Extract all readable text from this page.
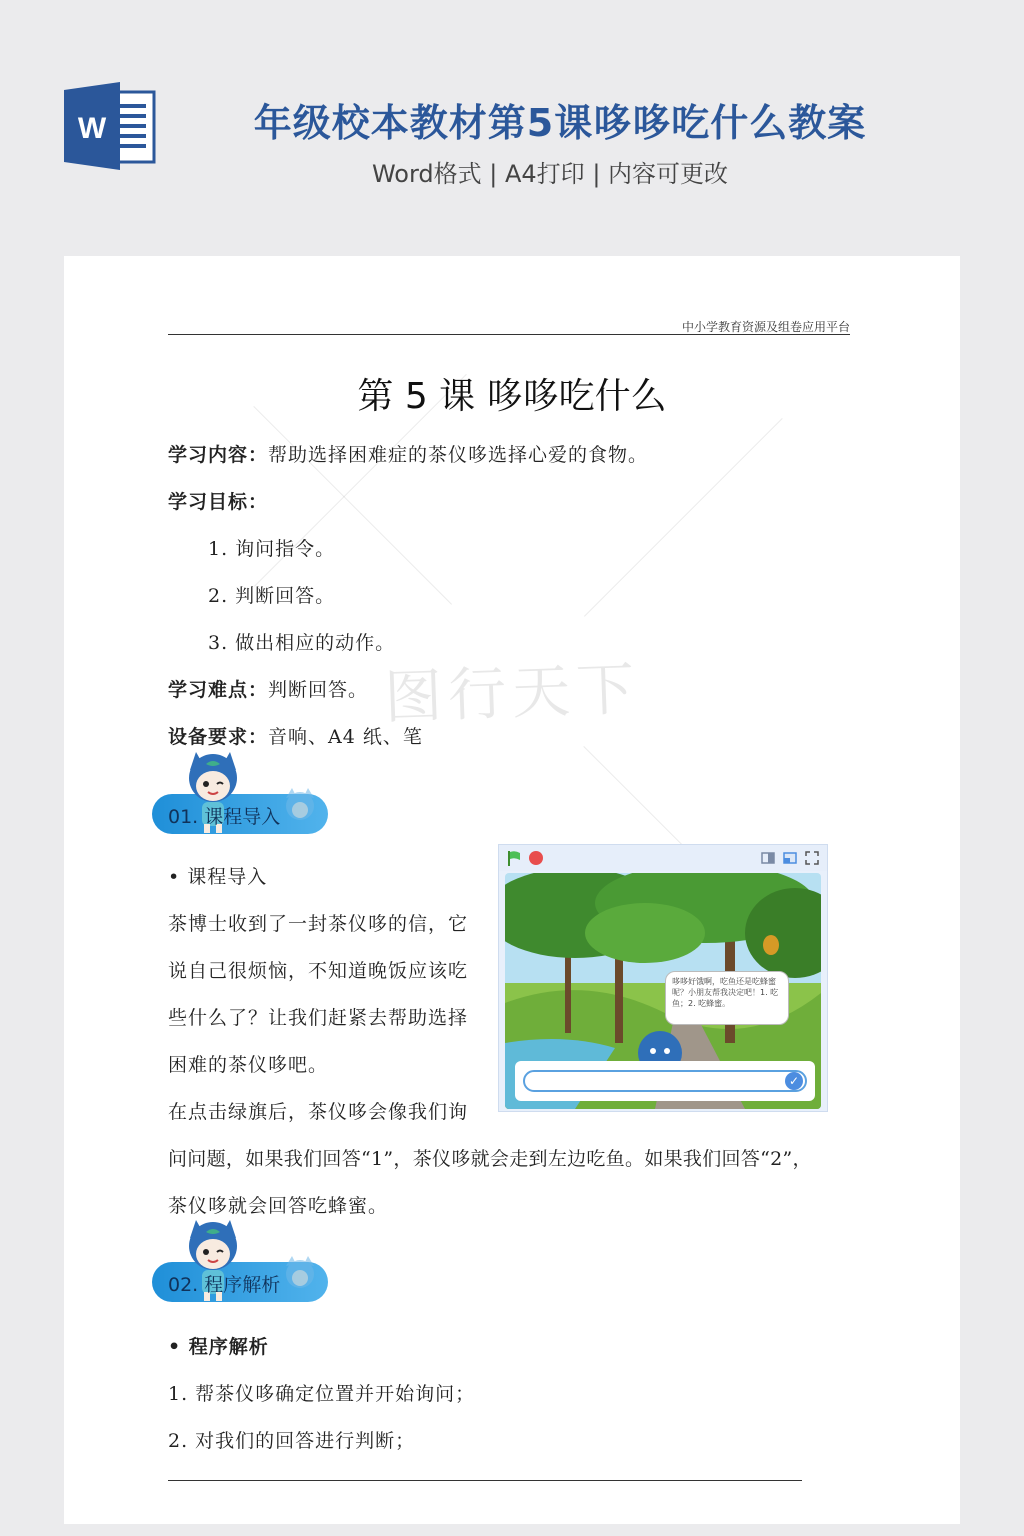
W	年级校本教材第5课哆哆吃什么教案
Word格式 | A4打印 | 内容可更改
图行天下
中小学教育资源及组卷应用平台
第 5 课 哆哆吃什么
学习内容：帮助选择困难症的茶仪哆选择心爱的食物。
学习目标：
1. 询问指令。
2. 判断回答。
3. 做出相应的动作。
学习难点：判断回答。
设备要求：音响、A4 纸、笔
01. 课程导入
• 课程导入
茶博士收到了一封茶仪哆的信，它
说自己很烦恼，不知道晚饭应该吃
些什么了？让我们赶紧去帮助选择
困难的茶仪哆吧。
在点击绿旗后，茶仪哆会像我们询
问问题，如果我们回答“1”，茶仪哆就会走到左边吃鱼。如果我们回答“2”，
茶仪哆就会回答吃蜂蜜。
哆哆好饿啊，吃鱼还是吃蜂蜜呢？小朋友帮我决定吧！1. 吃鱼；2. 吃蜂蜜。
✓
02. 程序解析
• 程序解析
1. 帮茶仪哆确定位置并开始询问；
2. 对我们的回答进行判断；
